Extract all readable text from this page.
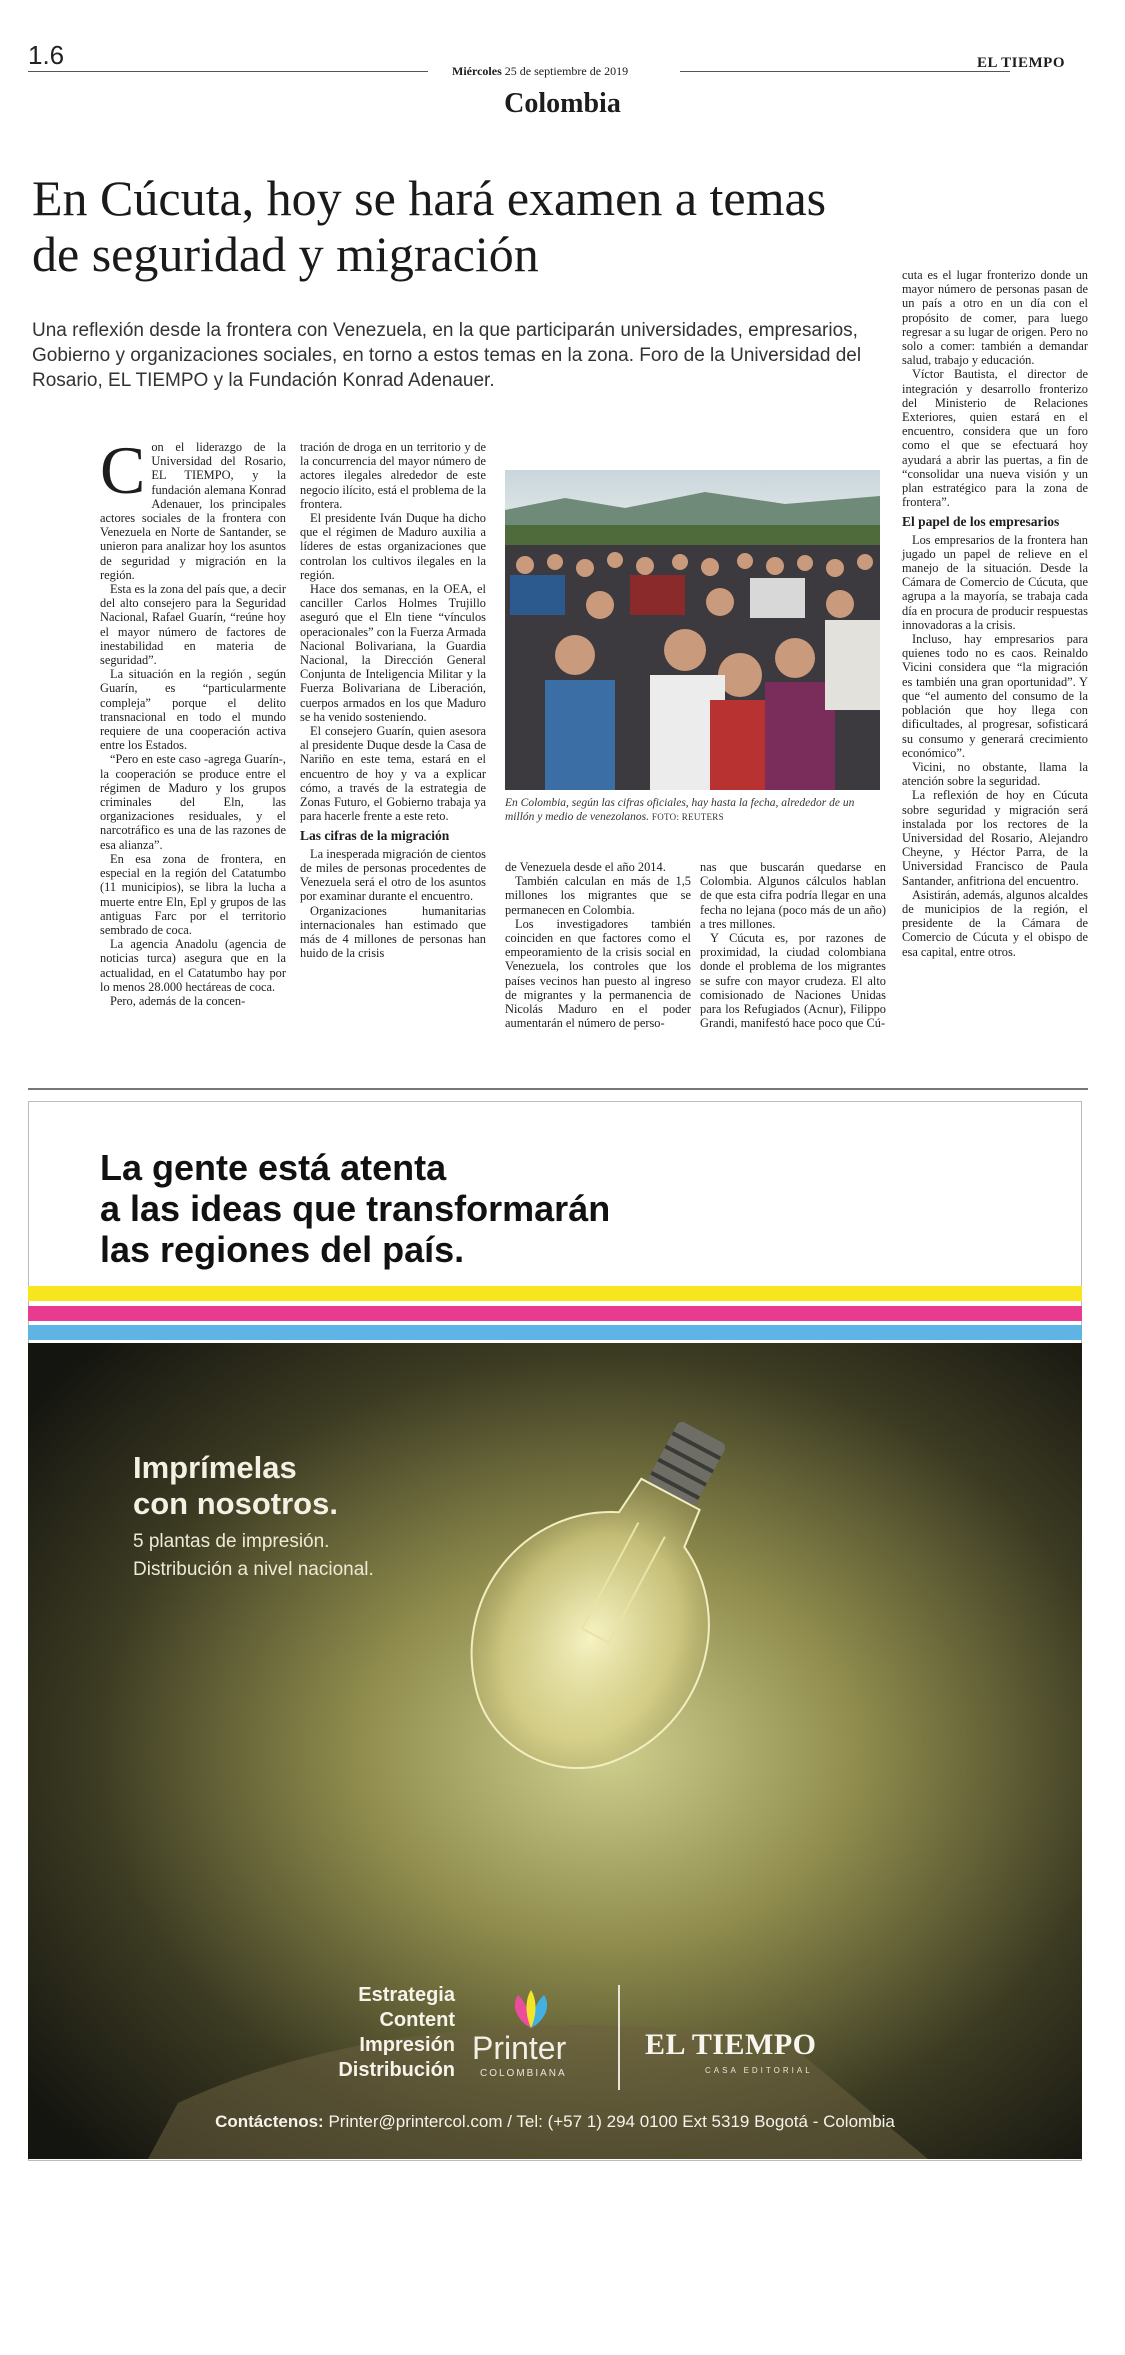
1.6
Miércoles 25 de septiembre de 2019	EL TIEMPO
Colombia
En Cúcuta, hoy se hará examen a temas de seguridad y migración
Una reflexión desde la frontera con Venezuela, en la que participarán universidades, empresarios, Gobierno y organizaciones sociales, en torno a estos temas en la zona. Foro de la Universidad del Rosario, EL TIEMPO y la Fundación Konrad Adenauer.
C on el liderazgo de la Universidad del Rosario, EL TIEMPO, y la fundación alemana Konrad Adenauer, los principales actores sociales de la frontera con Venezuela en Norte de Santander, se unieron para analizar hoy los asuntos de seguridad y migración en la región.

Esta es la zona del país que, a decir del alto consejero para la Seguridad Nacional, Rafael Guarín, “reúne hoy el mayor número de factores de inestabilidad en materia de seguridad”.

La situación en la región , según Guarín, es “particularmente compleja” porque el delito transnacional en todo el mundo requiere de una cooperación activa entre los Estados.

“Pero en este caso -agrega Guarín-, la cooperación se produce entre el régimen de Maduro y los grupos criminales del Eln, las organizaciones residuales, y el narcotráfico es una de las razones de esa alianza”.

En esa zona de frontera, en especial en la región del Catatumbo (11 municipios), se libra la lucha a muerte entre Eln, Epl y grupos de las antiguas Farc por el territorio sembrado de coca.

La agencia Anadolu (agencia de noticias turca) asegura que en la actualidad, en el Catatumbo hay por lo menos 28.000 hectáreas de coca.

Pero, además de la concen-

tración de droga en un territorio y de la concurrencia del mayor número de actores ilegales alrededor de este negocio ilícito, está el problema de la frontera.

El presidente Iván Duque ha dicho que el régimen de Maduro auxilia a líderes de estas organizaciones que controlan los cultivos ilegales en la región.

Hace dos semanas, en la OEA, el canciller Carlos Holmes Trujillo aseguró que el Eln tiene “vínculos operacionales” con la Fuerza Armada Nacional Bolivariana, la Guardia Nacional, la Dirección General Conjunta de Inteligencia Militar y la Fuerza Bolivariana de Liberación, cuerpos armados en los que Maduro se ha venido sosteniendo.

El consejero Guarín, quien asesora al presidente Duque desde la Casa de Nariño en este tema, estará en el encuentro de hoy y va a explicar cómo, a través de la estrategia de Zonas Futuro, el Gobierno trabaja ya para hacerle frente a este reto.

Las cifras de la migración

La inesperada migración de cientos de miles de personas procedentes de Venezuela será el otro de los asuntos por examinar durante el encuentro.

Organizaciones humanitarias internacionales han estimado que más de 4 millones de personas han huido de la crisis

En Colombia, según las cifras oficiales, hay hasta la fecha, alrededor de un millón y medio de venezolanos. FOTO: REUTERS

de Venezuela desde el año 2014.

También calculan en más de 1,5 millones los migrantes que se permanecen en Colombia.

Los investigadores también coinciden en que factores como el empeoramiento de la crisis social en Venezuela, los controles que los países vecinos han puesto al ingreso de migrantes y la permanencia de Nicolás Maduro en el poder aumentarán el número de perso-

nas que buscarán quedarse en Colombia. Algunos cálculos hablan de que esta cifra podría llegar en una fecha no lejana (poco más de un año) a tres millones.

Y Cúcuta es, por razones de proximidad, la ciudad colombiana donde el problema de los migrantes se sufre con mayor crudeza. El alto comisionado de Naciones Unidas para los Refugiados (Acnur), Filippo Grandi, manifestó hace poco que Cú-

cuta es el lugar fronterizo donde un mayor número de personas pasan de un país a otro en un día con el propósito de comer, para luego regresar a su lugar de origen. Pero no solo a comer: también a demandar salud, trabajo y educación.

Víctor Bautista, el director de integración y desarrollo fronterizo del Ministerio de Relaciones Exteriores, quien estará en el encuentro, considera que un foro como el que se efectuará hoy ayudará a abrir las puertas, a fin de “consolidar una nueva visión y un plan estratégico para la zona de frontera”.

El papel de los empresarios

Los empresarios de la frontera han jugado un papel de relieve en el manejo de la situación. Desde la Cámara de Comercio de Cúcuta, que agrupa a la mayoría, se trabaja cada día en procura de producir respuestas innovadoras a la crisis.

Incluso, hay empresarios para quienes todo no es caos. Reinaldo Vicini considera que “la migración es también una gran oportunidad”. Y que “el aumento del consumo de la población que hoy llega con dificultades, al progresar, sofisticará su consumo y generará crecimiento económico”.

Vicini, no obstante, llama la atención sobre la seguridad.

La reflexión de hoy en Cúcuta sobre seguridad y migración será instalada por los rectores de la Universidad del Rosario, Alejandro Cheyne, y Héctor Parra, de la Universidad Francisco de Paula Santander, anfitriona del encuentro.

Asistirán, además, algunos alcaldes de municipios de la región, el presidente de la Cámara de Comercio de Cúcuta y el obispo de esa capital, entre otros.

La gente está atenta
a las ideas que transformarán
las regiones del país.
Imprímelas
con nosotros.
5 plantas de impresión.
Distribución a nivel nacional.
Estrategia
Content
Impresión
Distribución
Printer
COLOMBIANA
EL TIEMPO
CASA EDITORIAL
Contáctenos: Printer@printercol.com / Tel: (+57 1) 294 0100 Ext 5319 Bogotá - Colombia
